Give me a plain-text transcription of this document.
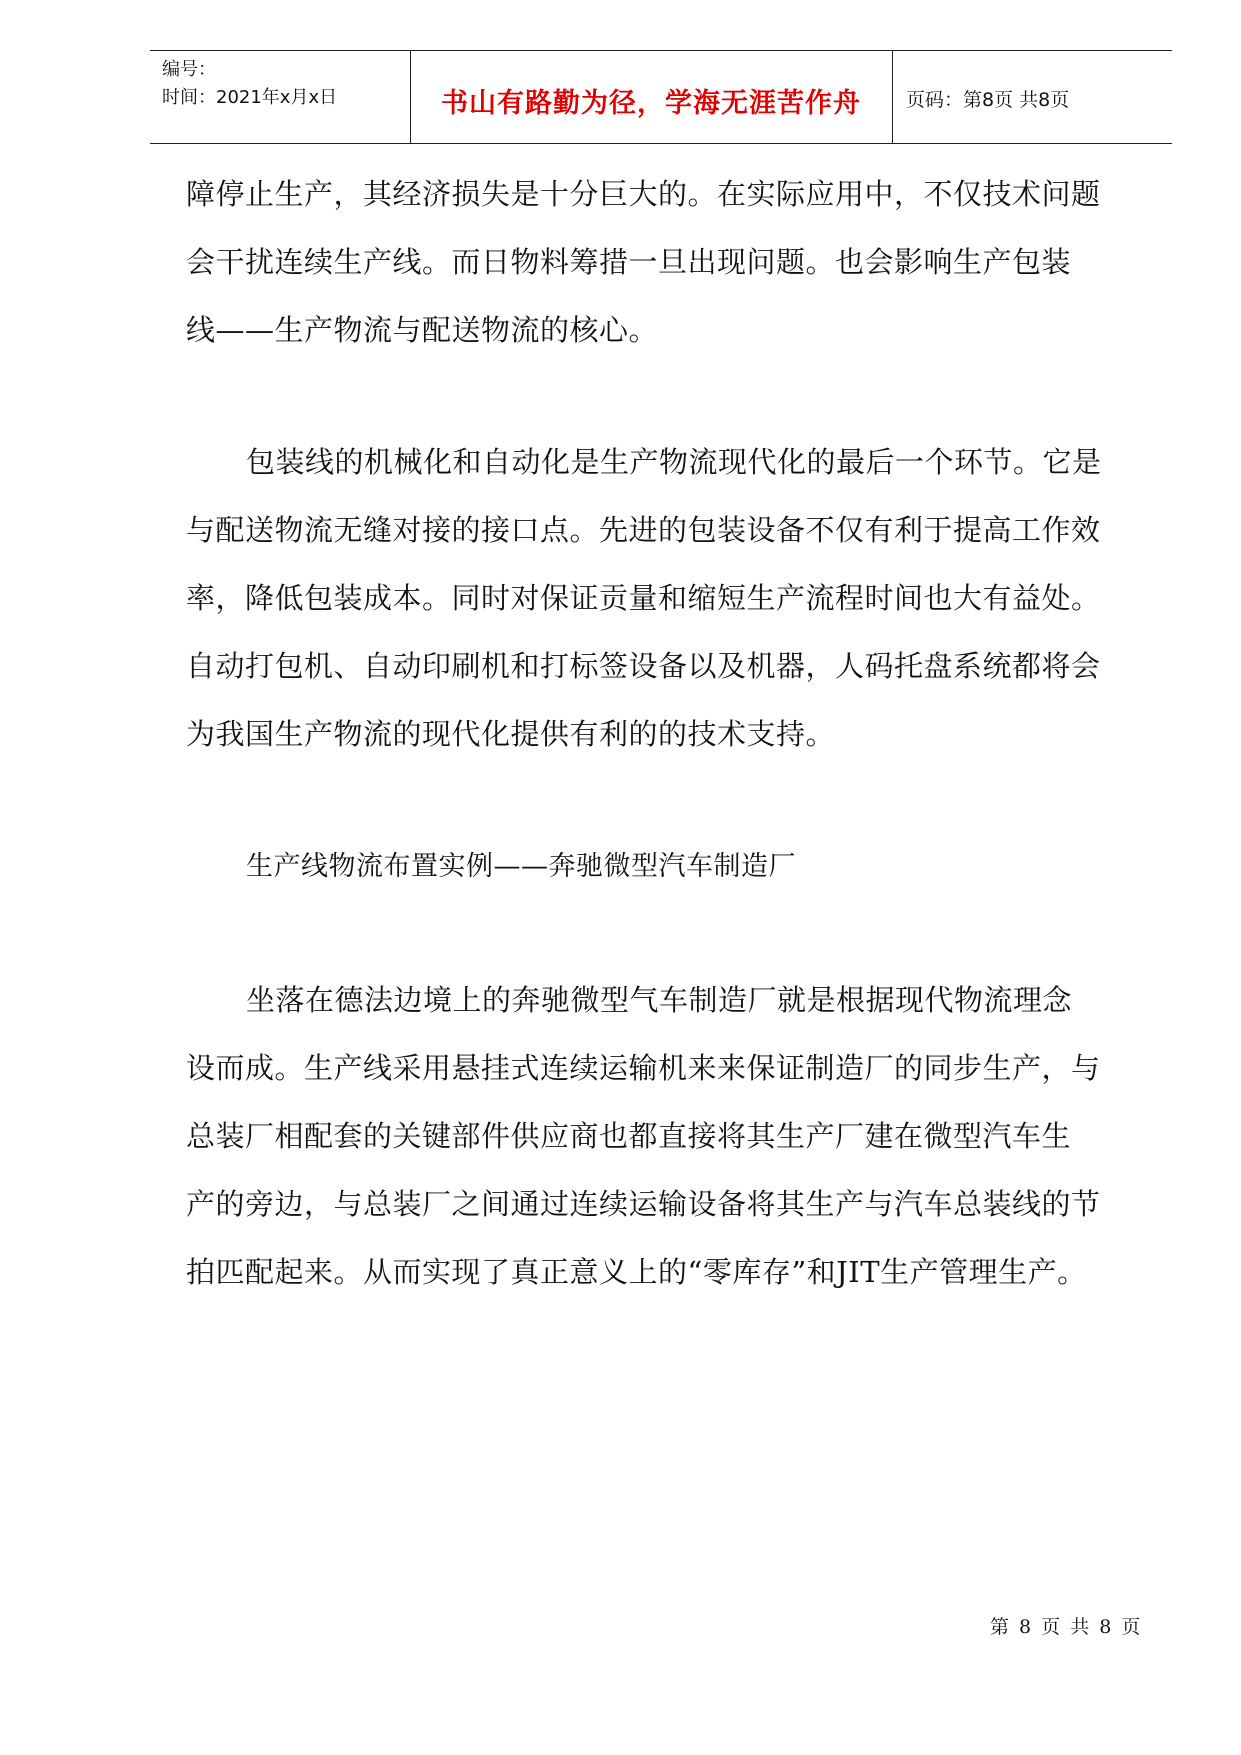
编号：
时间：2021年x月x日	书山有路勤为径，学海无涯苦作舟	页码：第8页 共8页
障停止生产，其经济损失是十分巨大的。在实际应用中，不仅技术问题
会干扰连续生产线。而日物料筹措一旦出现问题。也会影响生产包装
线——生产物流与配送物流的核心。
包装线的机械化和自动化是生产物流现代化的最后一个环节。它是
与配送物流无缝对接的接口点。先进的包装设备不仅有利于提高工作效
率，降低包装成本。同时对保证贡量和缩短生产流程时间也大有益处。
自动打包机、自动印刷机和打标签设备以及机器，人码托盘系统都将会
为我国生产物流的现代化提供有利的的技术支持。
生产线物流布置实例——奔驰微型汽车制造厂
坐落在德法边境上的奔驰微型气车制造厂就是根据现代物流理念
设而成。生产线采用悬挂式连续运输机来来保证制造厂的同步生产，与
总装厂相配套的关键部件供应商也都直接将其生产厂建在微型汽车生
产的旁边，与总装厂之间通过连续运输设备将其生产与汽车总装线的节
拍匹配起来。从而实现了真正意义上的“零库存”和JIT生产管理生产。
第 8 页 共 8 页
